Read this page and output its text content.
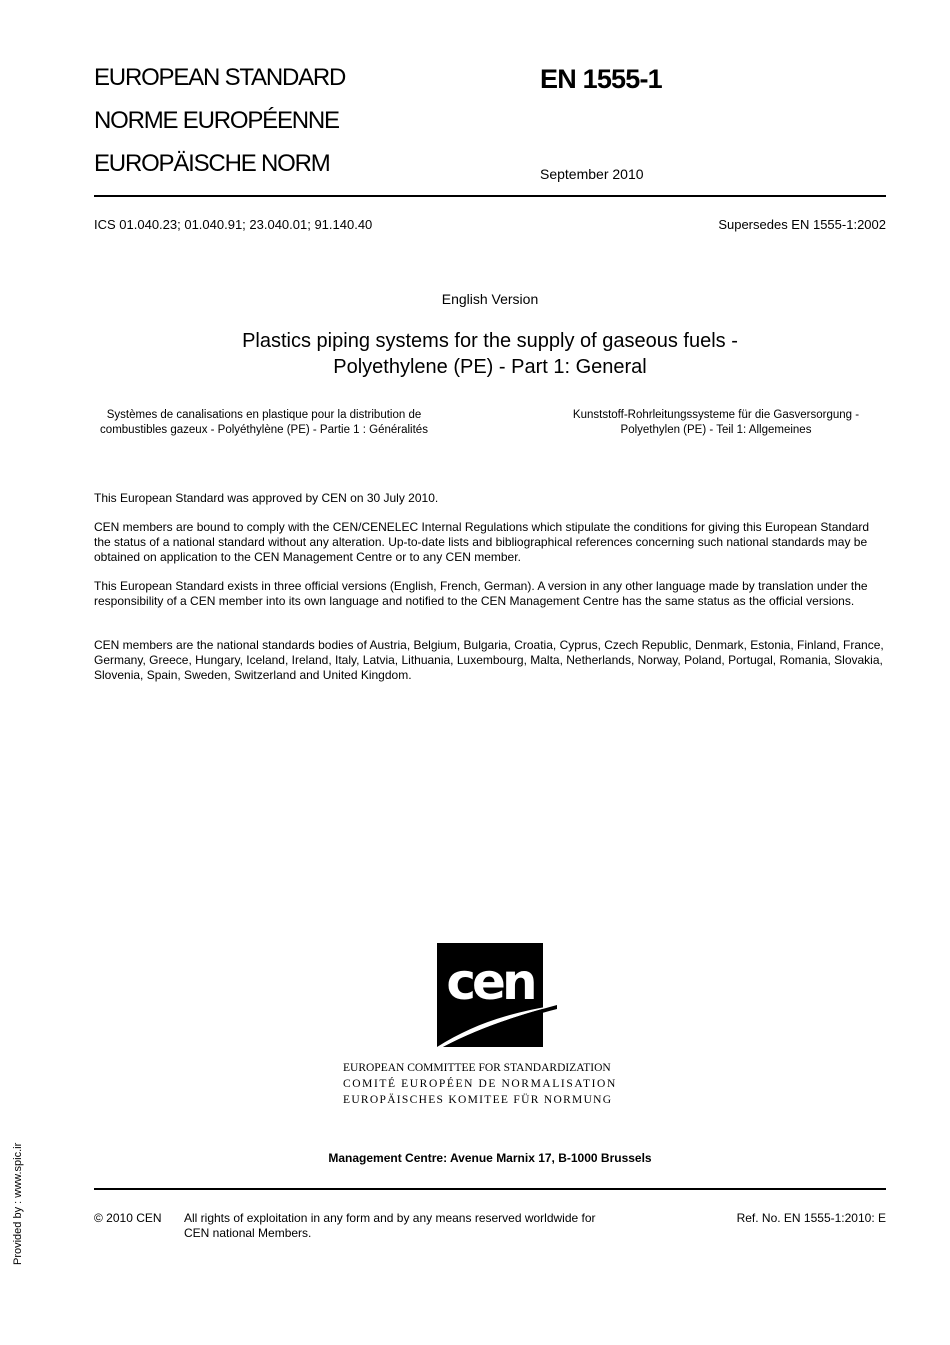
EUROPEAN STANDARD
NORME EUROPÉENNE
EUROPÄISCHE NORM
EN 1555-1
September 2010
ICS 01.040.23; 01.040.91; 23.040.01; 91.140.40	Supersedes EN 1555-1:2002
English Version
Plastics piping systems for the supply of gaseous fuels -
Polyethylene (PE) - Part 1: General
Systèmes de canalisations en plastique pour la distribution de combustibles gazeux - Polyéthylène (PE) - Partie 1 : Généralités
Kunststoff-Rohrleitungssysteme für die Gasversorgung - Polyethylen (PE) - Teil 1: Allgemeines

This European Standard was approved by CEN on 30 July 2010.

CEN members are bound to comply with the CEN/CENELEC Internal Regulations which stipulate the conditions for giving this European Standard the status of a national standard without any alteration. Up-to-date lists and bibliographical references concerning such national standards may be obtained on application to the CEN Management Centre or to any CEN member.

This European Standard exists in three official versions (English, French, German). A version in any other language made by translation under the responsibility of a CEN member into its own language and notified to the CEN Management Centre has the same status as the official versions.

CEN members are the national standards bodies of Austria, Belgium, Bulgaria, Croatia, Cyprus, Czech Republic, Denmark, Estonia, Finland, France, Germany, Greece, Hungary, Iceland, Ireland, Italy, Latvia, Lithuania, Luxembourg, Malta, Netherlands, Norway, Poland, Portugal, Romania, Slovakia, Slovenia, Spain, Sweden, Switzerland and United Kingdom.

cen
EUROPEAN COMMITTEE FOR STANDARDIZATION
COMITÉ EUROPÉEN DE NORMALISATION
EUROPÄISCHES KOMITEE FÜR NORMUNG
Management Centre: Avenue Marnix 17, B-1000 Brussels
© 2010 CEN All rights of exploitation in any form and by any means reserved worldwide for CEN national Members.
Ref. No. EN 1555-1:2010: E
Provided by : www.spic.ir
